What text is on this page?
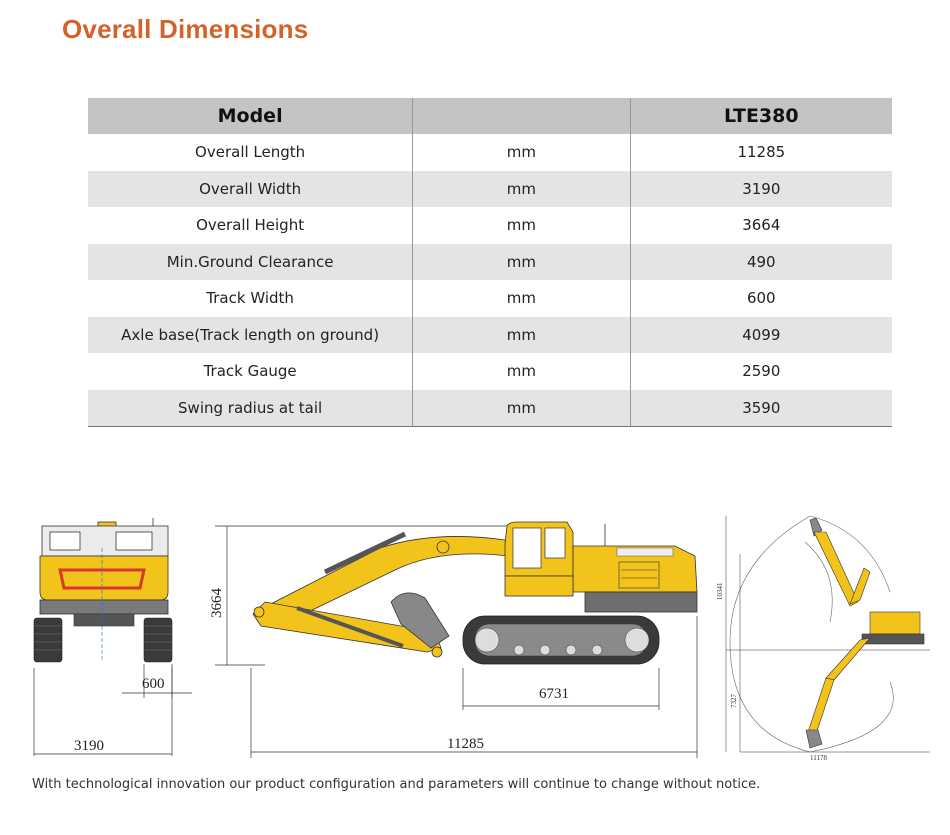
Overall Dimensions
Model		LTE380
Overall Length	mm	11285
Overall Width	mm	3190
Overall Height	mm	3664
Min.Ground Clearance	mm	490
Track Width	mm	600
Axle base(Track length on ground)	mm	4099
Track Gauge	mm	2590
Swing radius at tail	mm	3590
600
3190
3664
6731
11285
10341
7327
11178

With technological innovation our product configuration and parameters will continue to change without notice.
